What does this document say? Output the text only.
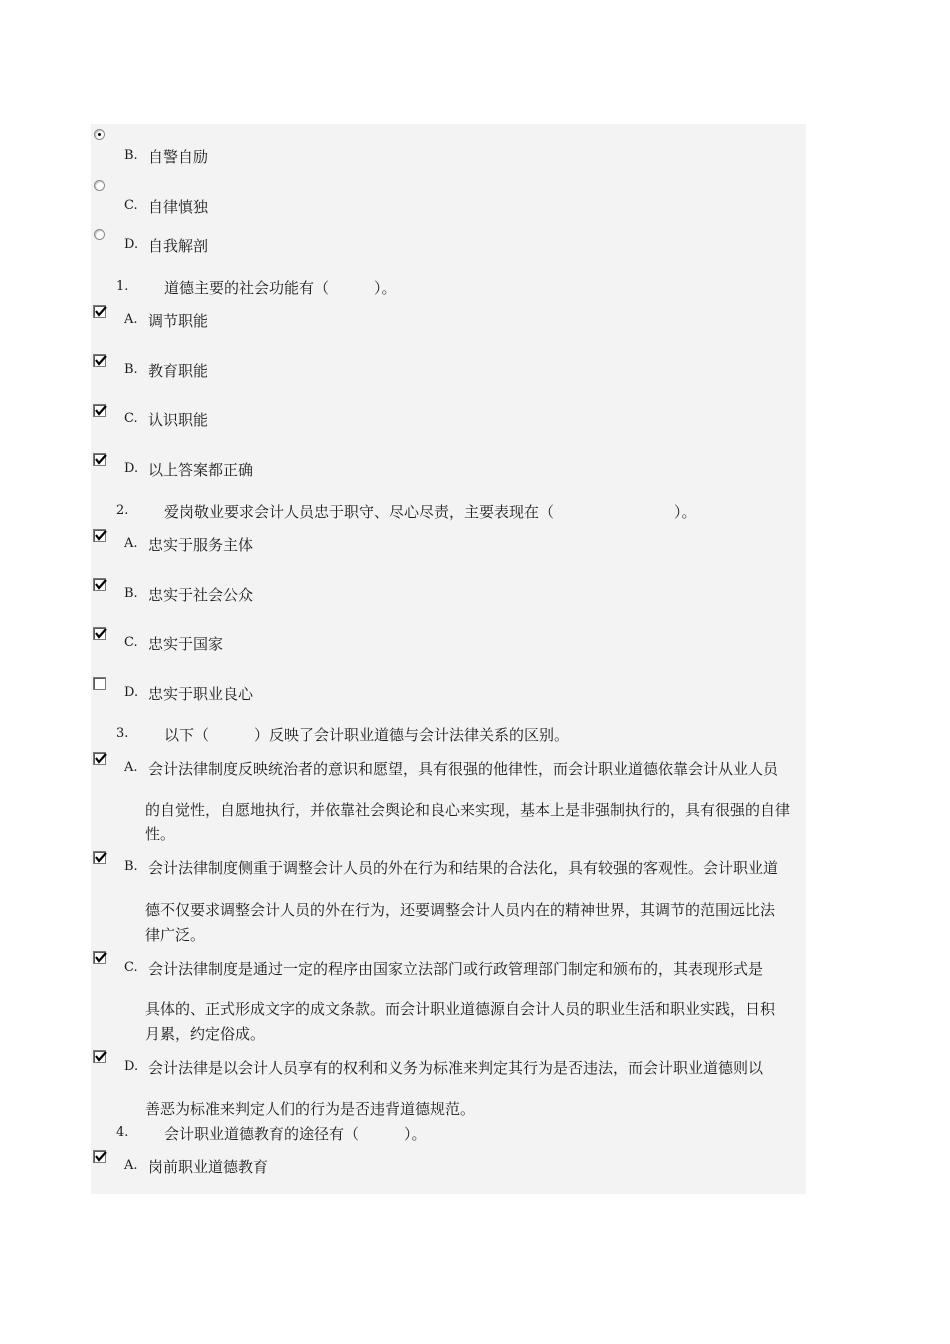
B. 自警自励
C. 自律慎独
D. 自我解剖
1. 道德主要的社会功能有（　　　）。
A. 调节职能
B. 教育职能
C. 认识职能
D. 以上答案都正确
2. 爱岗敬业要求会计人员忠于职守、尽心尽责，主要表现在（　　　　　　　　）。
A. 忠实于服务主体
B. 忠实于社会公众
C. 忠实于国家
D. 忠实于职业良心
3. 以下（　　　）反映了会计职业道德与会计法律关系的区别。
A. 会计法律制度反映统治者的意识和愿望，具有很强的他律性，而会计职业道德依靠会计从业人员
的自觉性，自愿地执行，并依靠社会舆论和良心来实现，基本上是非强制执行的，具有很强的自律
性。
B. 会计法律制度侧重于调整会计人员的外在行为和结果的合法化，具有较强的客观性。会计职业道
德不仅要求调整会计人员的外在行为，还要调整会计人员内在的精神世界，其调节的范围远比法
律广泛。
C. 会计法律制度是通过一定的程序由国家立法部门或行政管理部门制定和颁布的，其表现形式是
具体的、正式形成文字的成文条款。而会计职业道德源自会计人员的职业生活和职业实践，日积
月累，约定俗成。
D. 会计法律是以会计人员享有的权利和义务为标准来判定其行为是否违法，而会计职业道德则以
善恶为标准来判定人们的行为是否违背道德规范。
4. 会计职业道德教育的途径有（　　　）。
A. 岗前职业道德教育
